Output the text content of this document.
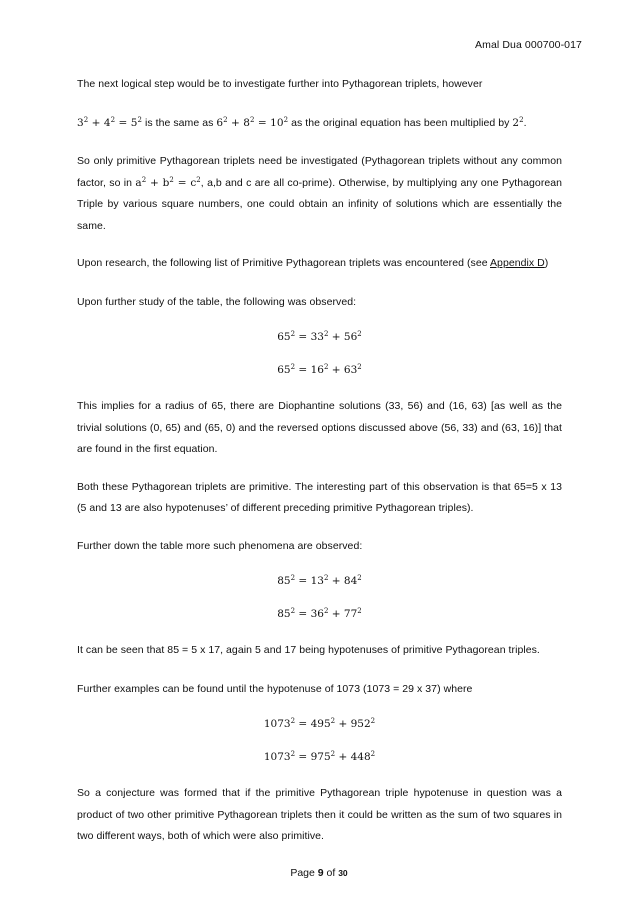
Amal Dua 000700-017

The next logical step would be to investigate further into Pythagorean triplets, however

$3^2 + 4^2 = 5^2$ is the same as $6^2 + 8^2 = 10^2$ as the original equation has been multiplied by $2^2$.

So only primitive Pythagorean triplets need be investigated (Pythagorean triplets without any common factor, so in $a^2 + b^2 = c^2$, a,b and c are all co-prime). Otherwise, by multiplying any one Pythagorean Triple by various square numbers, one could obtain an infinity of solutions which are essentially the same.

Upon research, the following list of Primitive Pythagorean triplets was encountered (see Appendix D)

Upon further study of the table, the following was observed:

$65^2 = 33^2 + 56^2$
$65^2 = 16^2 + 63^2$

This implies for a radius of 65, there are Diophantine solutions (33, 56) and (16, 63) [as well as the trivial solutions (0, 65) and (65, 0) and the reversed options discussed above (56, 33) and (63, 16)] that are found in the first equation.

Both these Pythagorean triplets are primitive. The interesting part of this observation is that 65=5 x 13 (5 and 13 are also hypotenuses’ of different preceding primitive Pythagorean triples).

Further down the table more such phenomena are observed:

$85^2 = 13^2 + 84^2$
$85^2 = 36^2 + 77^2$

It can be seen that 85 = 5 x 17, again 5 and 17 being hypotenuses of primitive Pythagorean triples.

Further examples can be found until the hypotenuse of 1073 (1073 = 29 x 37) where

$1073^2 = 495^2 + 952^2$
$1073^2 = 975^2 + 448^2$

So a conjecture was formed that if the primitive Pythagorean triple hypotenuse in question was a product of two other primitive Pythagorean triplets then it could be written as the sum of two squares in two different ways, both of which were also primitive.

Page 9 of 30
